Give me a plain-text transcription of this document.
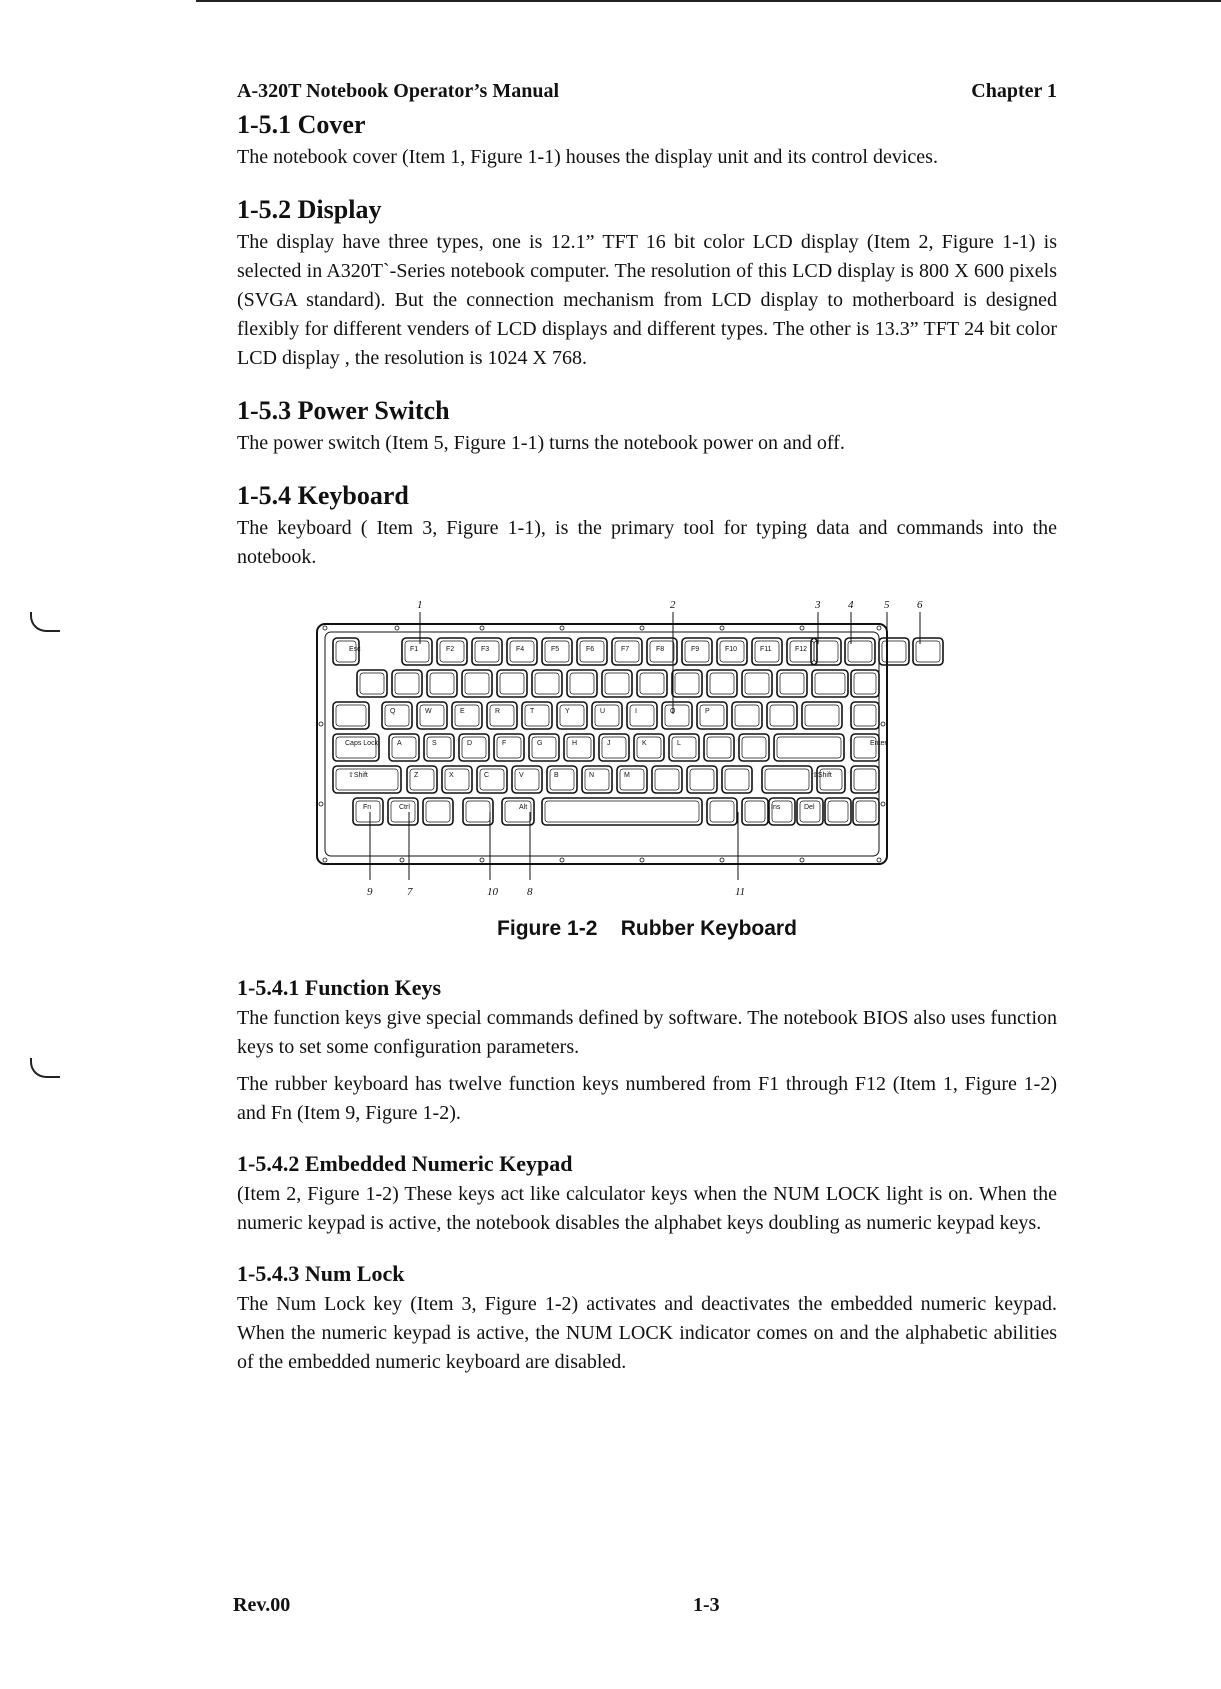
A-320T Notebook Operator’s Manual	Chapter 1
1-5.1 Cover

The notebook cover (Item 1, Figure 1-1) houses the display unit and its control devices.

1-5.2 Display

The display have three types, one is 12.1” TFT 16 bit color LCD display (Item 2, Figure 1-1) is selected in A320T`-Series notebook computer. The resolution of this LCD display is 800 X 600 pixels (SVGA standard). But the connection mechanism from LCD display to motherboard is designed flexibly for different venders of LCD displays and different types. The other is 13.3” TFT 24 bit color LCD display , the resolution is 1024 X 768.

1-5.3 Power Switch

The power switch (Item 5, Figure 1-1) turns the notebook power on and off.

1-5.4 Keyboard

The keyboard ( Item 3, Figure 1-1), is the primary tool for typing data and commands into the notebook.

1	2	3	4	5	6
9	7	10	8	11
Esc	F1	F2	F3	F4	F5	F6	F7	F8	F9	F10	F11	F12
Q	W	E	R	T	Y	U	I	O	P
Caps Lock	A	S	D	F	G	H	J	K	L	Enter
⇧Shift	Z	X	C	V	B	N	M	⇧Shift
Fn	Ctrl	Alt	Ins	Del
Figure 1-2    Rubber Keyboard
1-5.4.1 Function Keys

The function keys give special commands defined by software. The notebook BIOS also uses function keys to set some configuration parameters.

The rubber keyboard has twelve function keys numbered from F1 through F12 (Item 1, Figure 1-2) and Fn (Item 9, Figure 1-2).

1-5.4.2 Embedded Numeric Keypad

(Item 2, Figure 1-2) These keys act like calculator keys when the NUM LOCK light is on. When the numeric keypad is active, the notebook disables the alphabet keys doubling as numeric keypad keys.

1-5.4.3 Num Lock

The Num Lock key (Item 3, Figure 1-2) activates and deactivates the embedded numeric keypad. When the numeric keypad is active, the NUM LOCK indicator comes on and the alphabetic abilities of the embedded numeric keyboard are disabled.

Rev.00	1-3
